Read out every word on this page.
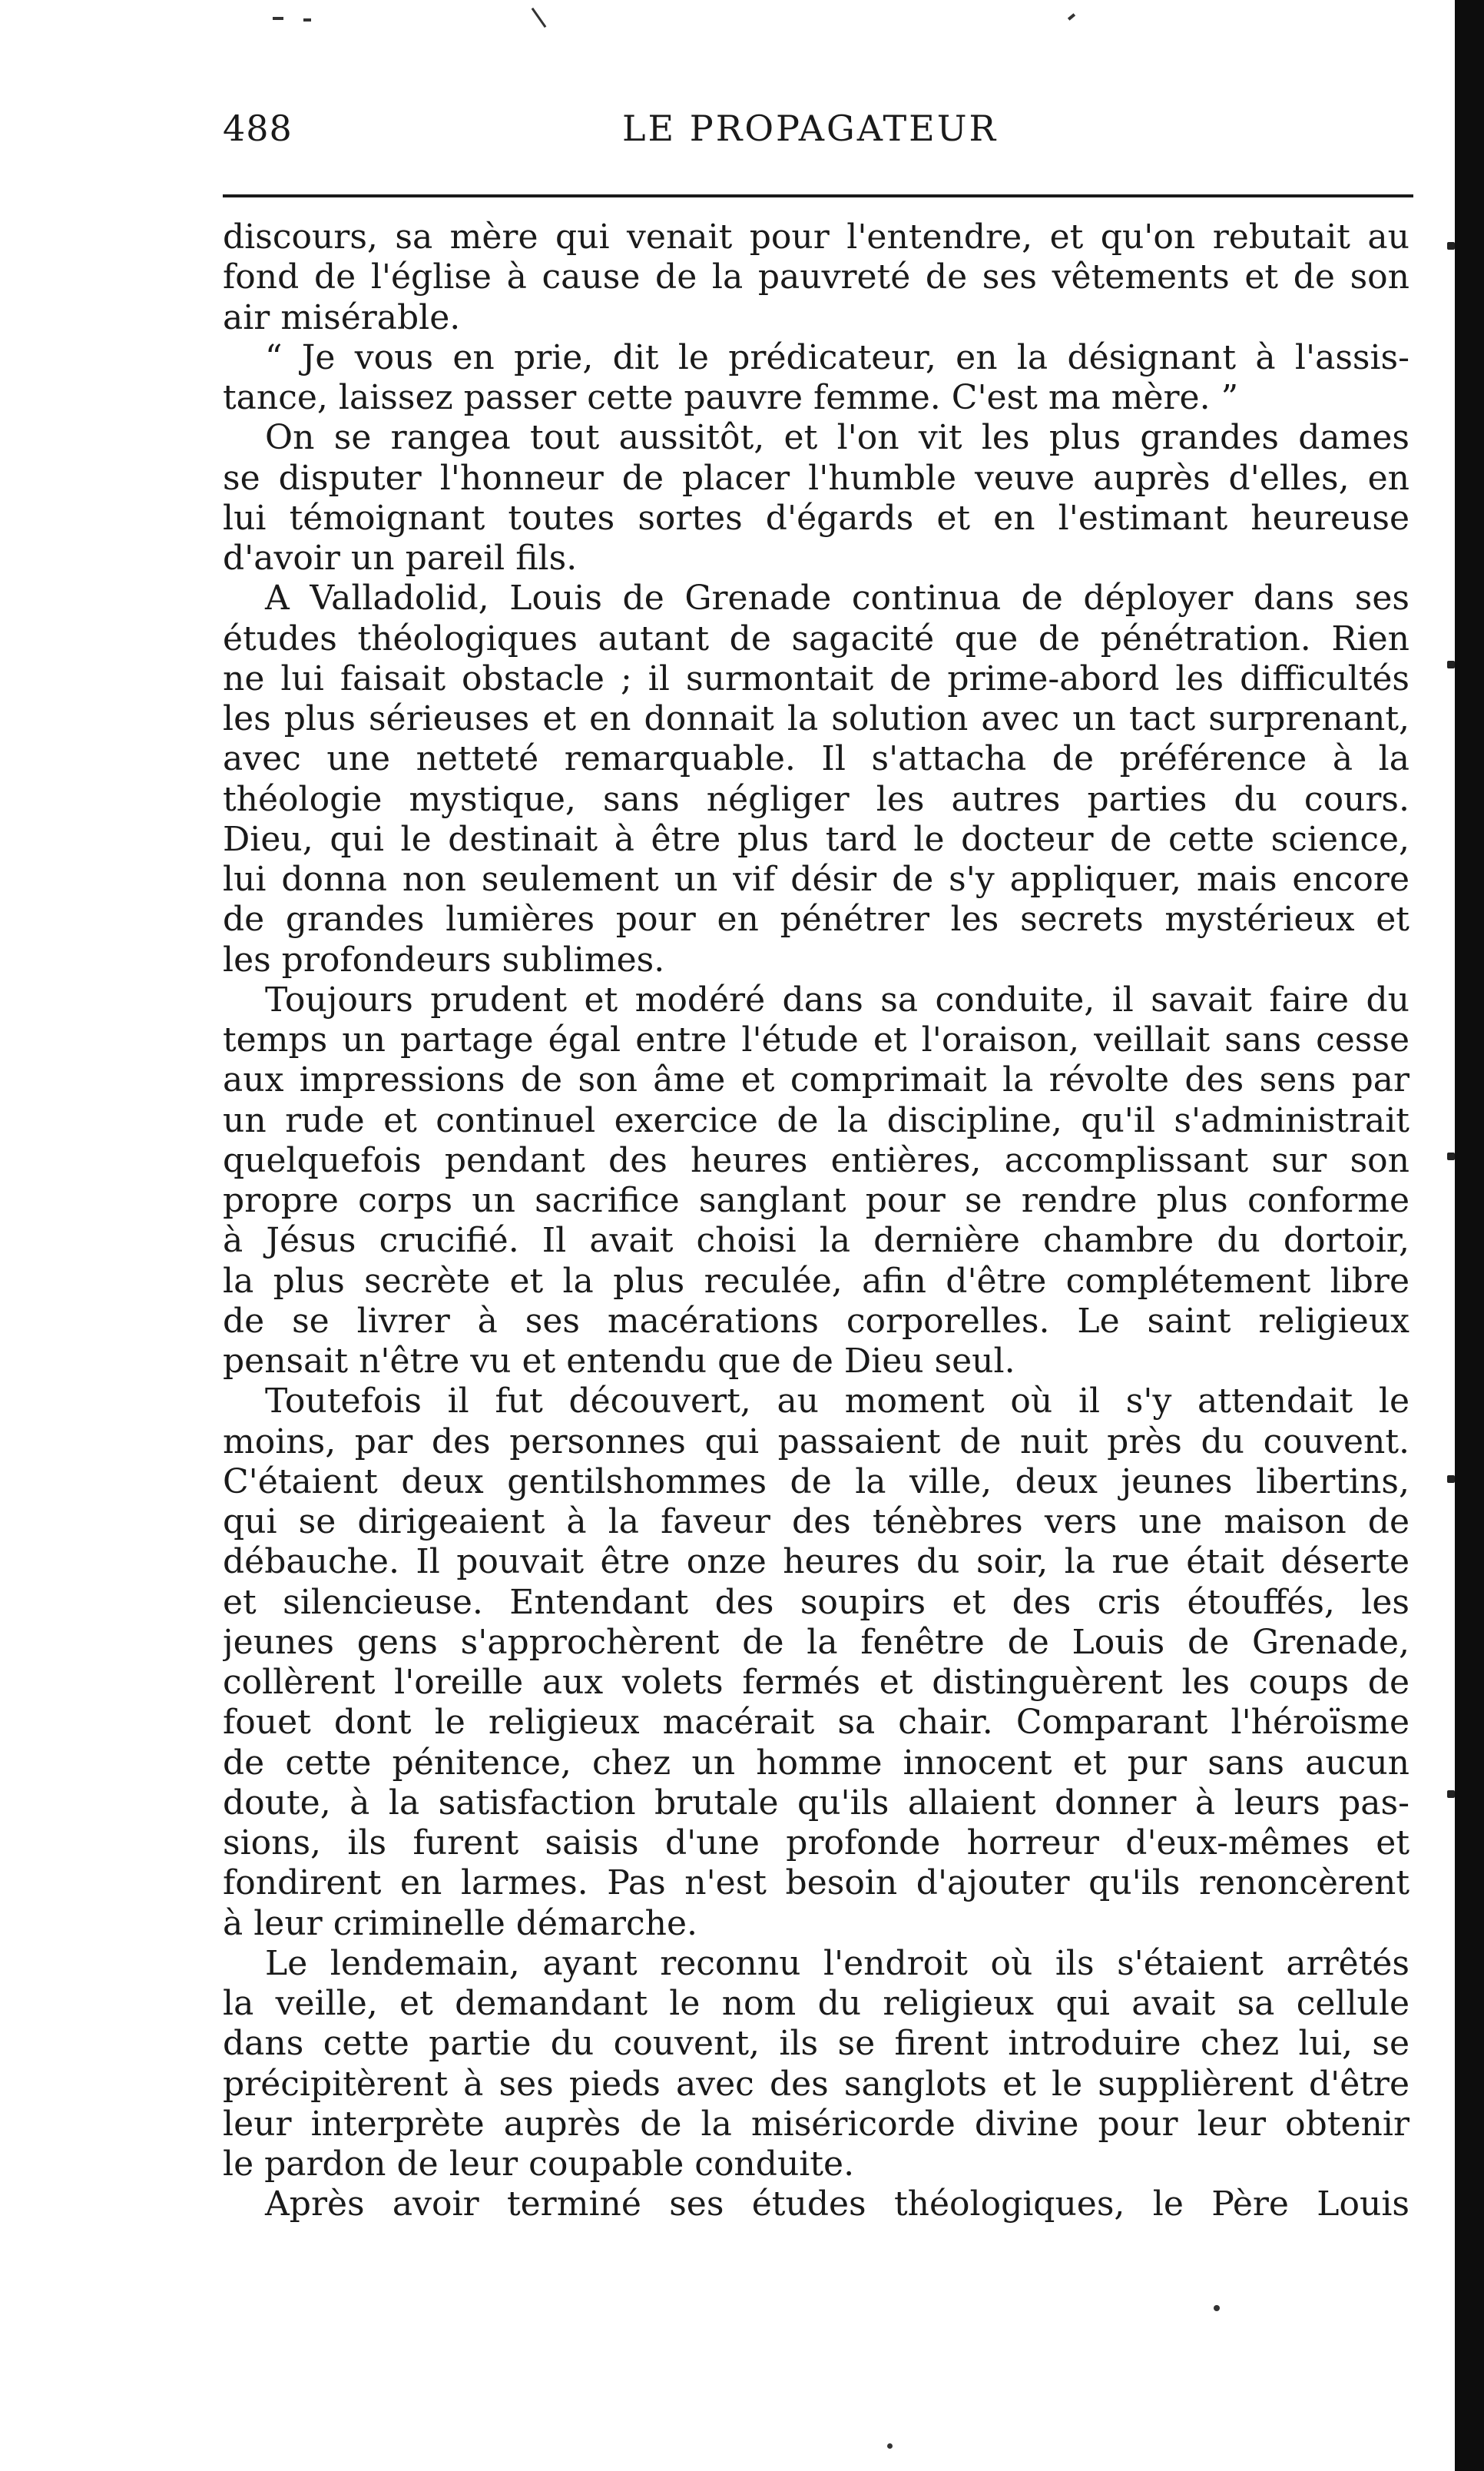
488	LE PROPAGATEUR
discours, sa mère qui venait pour l'entendre, et qu'on rebutait au
fond de l'église à cause de la pauvreté de ses vêtements et de son
air misérable.
“ Je vous en prie, dit le prédicateur, en la désignant à l'assis-
tance, laissez passer cette pauvre femme. C'est ma mère. ”
On se rangea tout aussitôt, et l'on vit les plus grandes dames
se disputer l'honneur de placer l'humble veuve auprès d'elles, en
lui témoignant toutes sortes d'égards et en l'estimant heureuse
d'avoir un pareil fils.
A Valladolid, Louis de Grenade continua de déployer dans ses
études théologiques autant de sagacité que de pénétration. Rien
ne lui faisait obstacle ; il surmontait de prime-abord les difficultés
les plus sérieuses et en donnait la solution avec un tact surprenant,
avec une netteté remarquable. Il s'attacha de préférence à la
théologie mystique, sans négliger les autres parties du cours.
Dieu, qui le destinait à être plus tard le docteur de cette science,
lui donna non seulement un vif désir de s'y appliquer, mais encore
de grandes lumières pour en pénétrer les secrets mystérieux et
les profondeurs sublimes.
Toujours prudent et modéré dans sa conduite, il savait faire du
temps un partage égal entre l'étude et l'oraison, veillait sans cesse
aux impressions de son âme et comprimait la révolte des sens par
un rude et continuel exercice de la discipline, qu'il s'administrait
quelquefois pendant des heures entières, accomplissant sur son
propre corps un sacrifice sanglant pour se rendre plus conforme
à Jésus crucifié. Il avait choisi la dernière chambre du dortoir,
la plus secrète et la plus reculée, afin d'être complétement libre
de se livrer à ses macérations corporelles. Le saint religieux
pensait n'être vu et entendu que de Dieu seul.
Toutefois il fut découvert, au moment où il s'y attendait le
moins, par des personnes qui passaient de nuit près du couvent.
C'étaient deux gentilshommes de la ville, deux jeunes libertins,
qui se dirigeaient à la faveur des ténèbres vers une maison de
débauche. Il pouvait être onze heures du soir, la rue était déserte
et silencieuse. Entendant des soupirs et des cris étouffés, les
jeunes gens s'approchèrent de la fenêtre de Louis de Grenade,
collèrent l'oreille aux volets fermés et distinguèrent les coups de
fouet dont le religieux macérait sa chair. Comparant l'héroïsme
de cette pénitence, chez un homme innocent et pur sans aucun
doute, à la satisfaction brutale qu'ils allaient donner à leurs pas-
sions, ils furent saisis d'une profonde horreur d'eux-mêmes et
fondirent en larmes. Pas n'est besoin d'ajouter qu'ils renoncèrent
à leur criminelle démarche.
Le lendemain, ayant reconnu l'endroit où ils s'étaient arrêtés
la veille, et demandant le nom du religieux qui avait sa cellule
dans cette partie du couvent, ils se firent introduire chez lui, se
précipitèrent à ses pieds avec des sanglots et le supplièrent d'être
leur interprète auprès de la miséricorde divine pour leur obtenir
le pardon de leur coupable conduite.
Après avoir terminé ses études théologiques, le Père Louis
